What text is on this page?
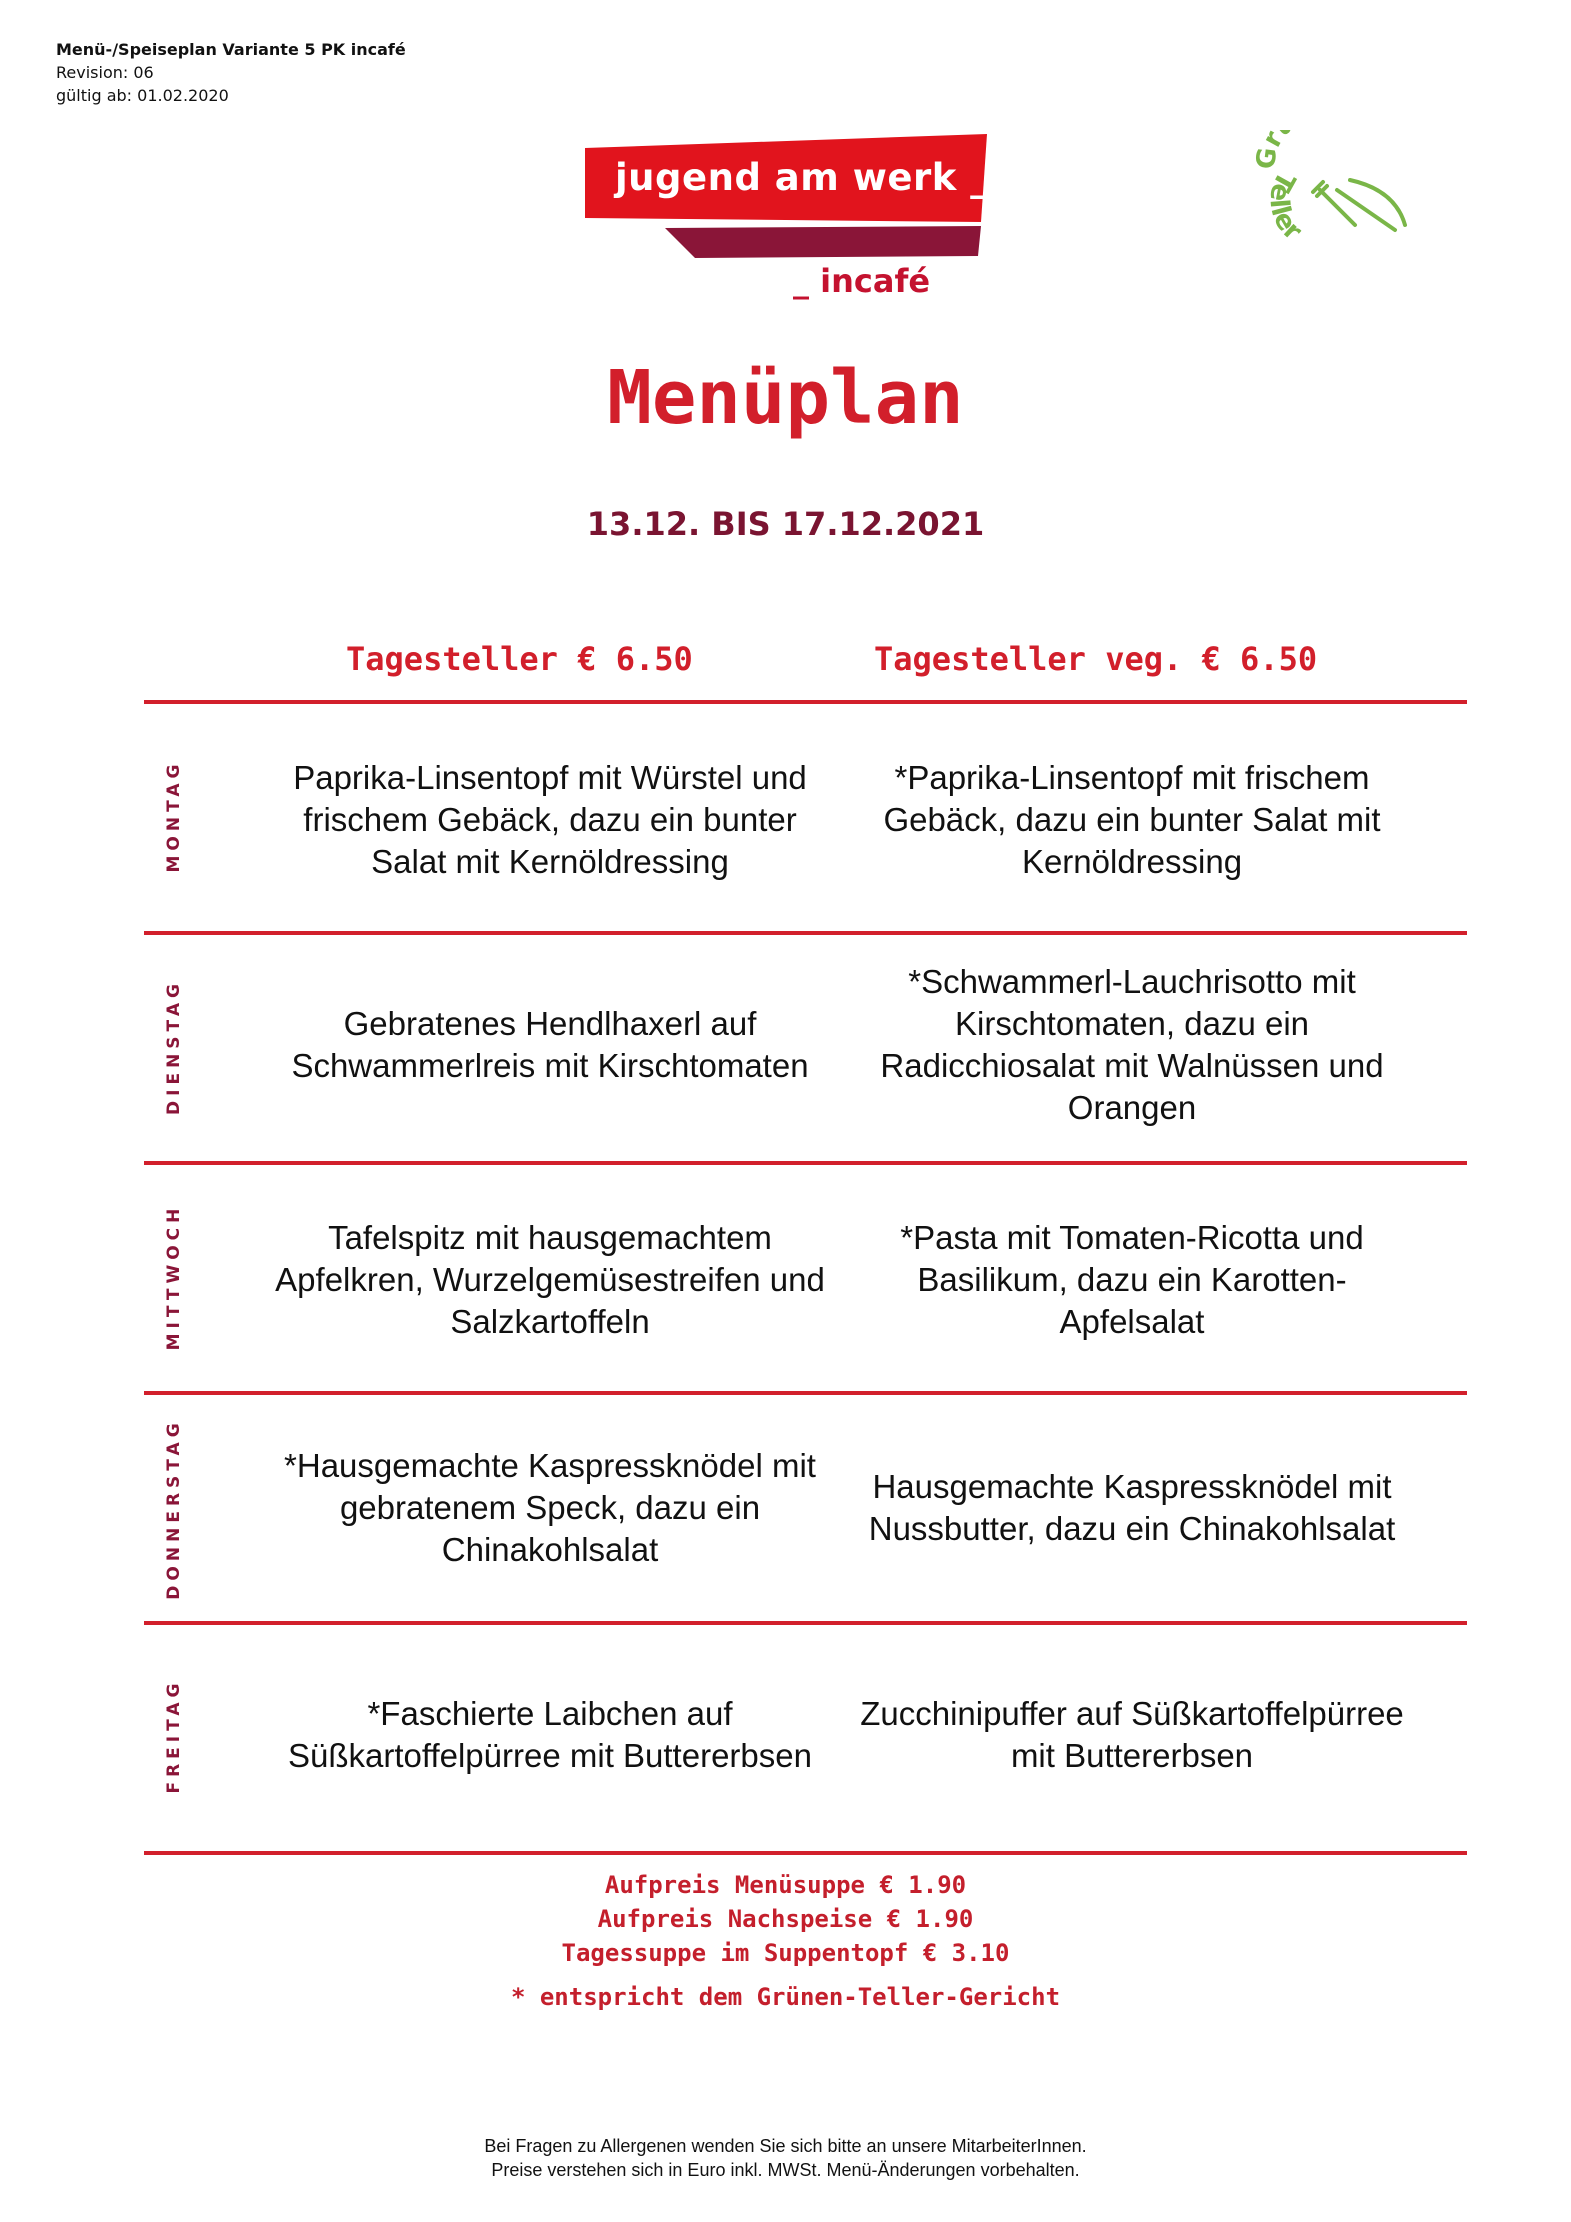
Menü-/Speiseplan Variante 5 PK incafé
Revision: 06
gültig ab: 01.02.2020
jugend am werk _
_ incafé
r
Teller
Menüplan
13.12. BIS 17.12.2021
Tagesteller € 6.50	Tagesteller veg. € 6.50
MONTAG	Paprika-Linsentopf mit Würstel und frischem Gebäck, dazu ein bunter Salat mit Kernöldressing
*Paprika-Linsentopf mit frischem Gebäck, dazu ein bunter Salat mit Kernöldressing
DIENSTAG	Gebratenes Hendlhaxerl auf Schwammerlreis mit Kirschtomaten
*Schwammerl-Lauchrisotto mit Kirschtomaten, dazu ein Radicchiosalat mit Walnüssen und Orangen
MITTWOCH	Tafelspitz mit hausgemachtem Apfelkren, Wurzelgemüsestreifen und Salzkartoffeln
*Pasta mit Tomaten-Ricotta und Basilikum, dazu ein Karotten-Apfelsalat
DONNERSTAG	*Hausgemachte Kaspressknödel mit gebratenem Speck, dazu ein Chinakohlsalat
Hausgemachte Kaspressknödel mit Nussbutter, dazu ein Chinakohlsalat
FREITAG	*Faschierte Laibchen auf Süßkartoffelpürree mit Buttererbsen
Zucchinipuffer auf Süßkartoffelpürree mit Buttererbsen
Aufpreis Menüsuppe € 1.90
Aufpreis Nachspeise € 1.90
Tagessuppe im Suppentopf € 3.10
* entspricht dem Grünen-Teller-Gericht
Bei Fragen zu Allergenen wenden Sie sich bitte an unsere MitarbeiterInnen.
Preise verstehen sich in Euro inkl. MWSt. Menü-Änderungen vorbehalten.
